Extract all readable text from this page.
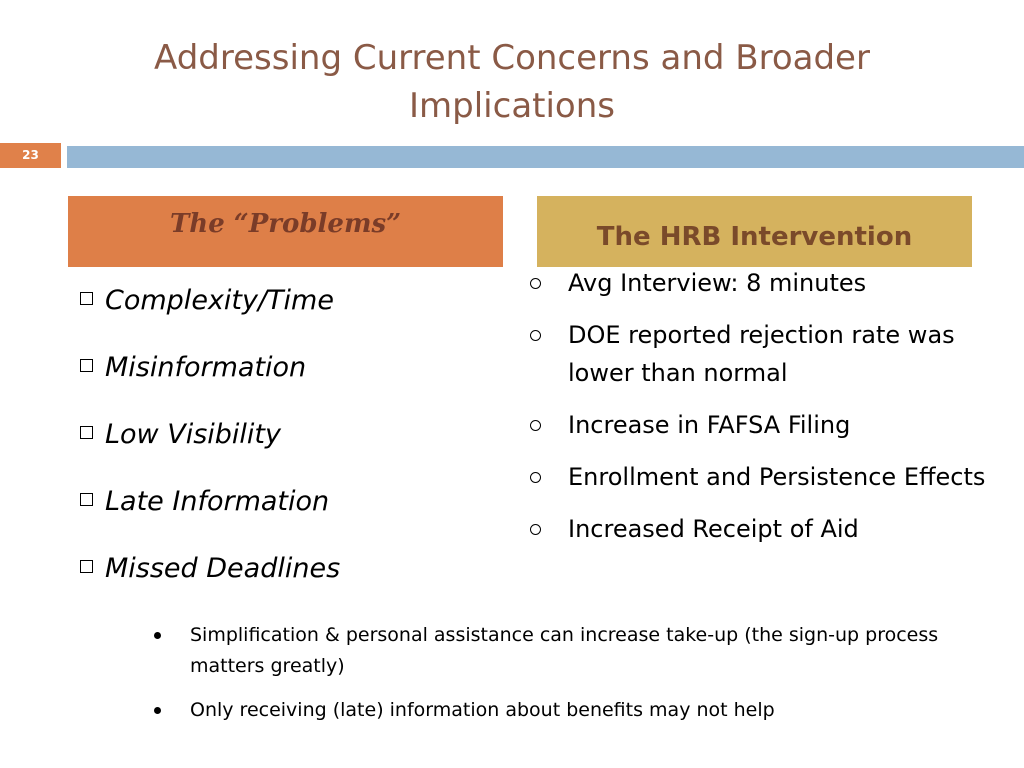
Addressing Current Concerns and Broader Implications
23
The “Problems”	The HRB Intervention
Complexity/Time
Misinformation
Low Visibility
Late Information
Missed Deadlines
Avg Interview: 8 minutes
DOE reported rejection rate was lower than normal
Increase in FAFSA Filing
Enrollment and Persistence Effects
Increased Receipt of Aid
Simplification & personal assistance can increase take-up (the sign-up process matters greatly)
Only receiving (late) information about benefits may not help
